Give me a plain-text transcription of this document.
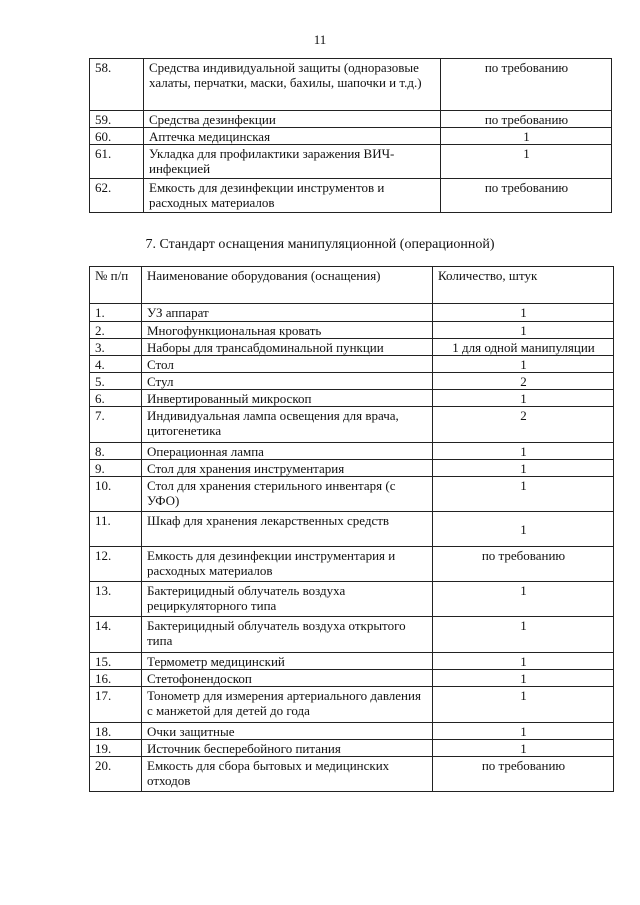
11
58.	Средства индивидуальной защиты (одноразовые халаты, перчатки, маски, бахилы, шапочки и т.д.)	по требованию
59.	Средства дезинфекции	по требованию
60.	Аптечка медицинская	1
61.	Укладка для профилактики заражения ВИЧ-инфекцией	1
62.	Емкость для дезинфекции инструментов и расходных материалов	по требованию
7. Стандарт оснащения манипуляционной (операционной)
№ п/п	Наименование оборудования (оснащения)	Количество, штук
1.	УЗ аппарат	1
2.	Многофункциональная кровать	1
3.	Наборы для трансабдоминальной пункции	1 для одной манипуляции
4.	Стол	1
5.	Стул	2
6.	Инвертированный микроскоп	1
7.	Индивидуальная лампа освещения для врача, цитогенетика	2
8.	Операционная лампа	1
9.	Стол для хранения инструментария	1
10.	Стол для хранения стерильного инвентаря (с УФО)	1
11.	Шкаф для хранения лекарственных средств	1
12.	Емкость для дезинфекции инструментария и расходных материалов	по требованию
13.	Бактерицидный облучатель воздуха рециркуляторного типа	1
14.	Бактерицидный облучатель воздуха открытого типа	1
15.	Термометр медицинский	1
16.	Стетофонендоскоп	1
17.	Тонометр для измерения артериального давления с манжетой для детей до года	1
18.	Очки защитные	1
19.	Источник бесперебойного питания	1
20.	Емкость для сбора бытовых и медицинских отходов	по требованию
